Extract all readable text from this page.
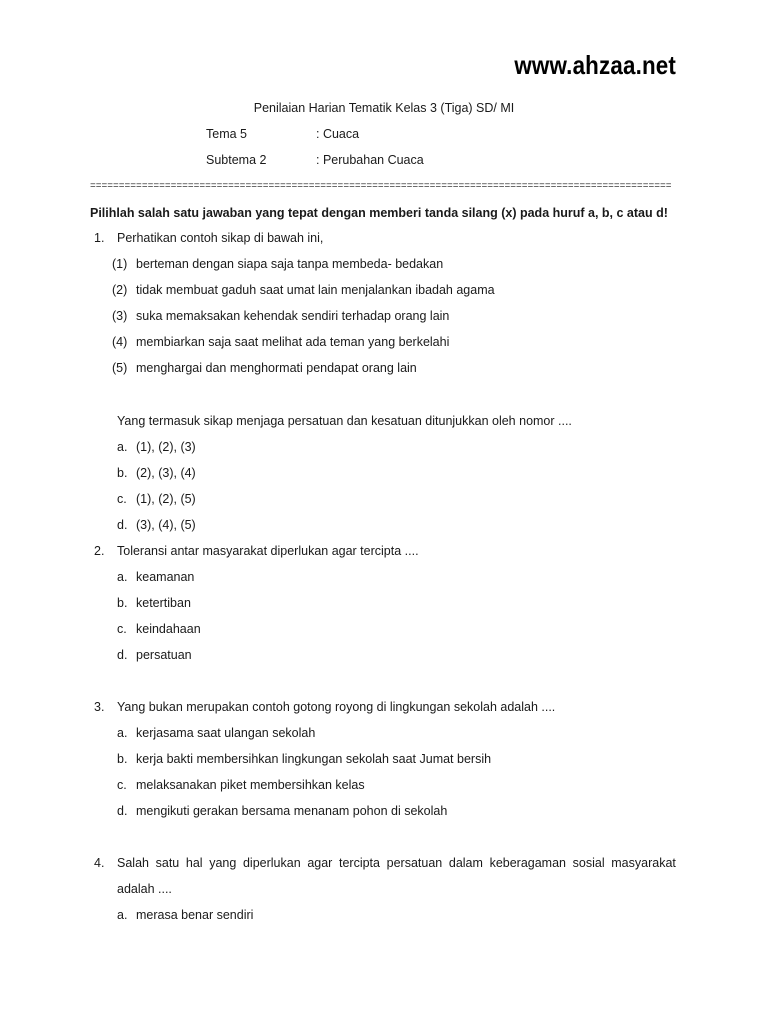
www.ahzaa.net
Penilaian Harian Tematik Kelas 3 (Tiga) SD/ MI
Tema 5	: Cuaca
Subtema 2	: Perubahan Cuaca
=====================================================================================================
Pilihlah salah satu jawaban yang tepat dengan memberi tanda silang (x) pada huruf a, b, c atau d!
1. Perhatikan contoh sikap di bawah ini,
(1) berteman dengan siapa saja tanpa membeda- bedakan
(2) tidak membuat gaduh saat umat lain menjalankan ibadah agama
(3) suka memaksakan kehendak sendiri terhadap orang lain
(4) membiarkan saja saat melihat ada teman yang berkelahi
(5) menghargai dan menghormati pendapat orang lain
Yang termasuk sikap menjaga persatuan dan kesatuan ditunjukkan oleh nomor ....
a. (1), (2), (3)
b. (2), (3), (4)
c. (1), (2), (5)
d. (3), (4), (5)
2. Toleransi antar masyarakat diperlukan agar tercipta ....
a. keamanan
b. ketertiban
c. keindahaan
d. persatuan
3. Yang bukan merupakan contoh gotong royong di lingkungan sekolah adalah ....
a. kerjasama saat ulangan sekolah
b. kerja bakti membersihkan lingkungan sekolah saat Jumat bersih
c. melaksanakan piket membersihkan kelas
d. mengikuti gerakan bersama menanam pohon di sekolah
4. Salah satu hal yang diperlukan agar tercipta persatuan dalam keberagaman sosial masyarakat
adalah ....
a. merasa benar sendiri
